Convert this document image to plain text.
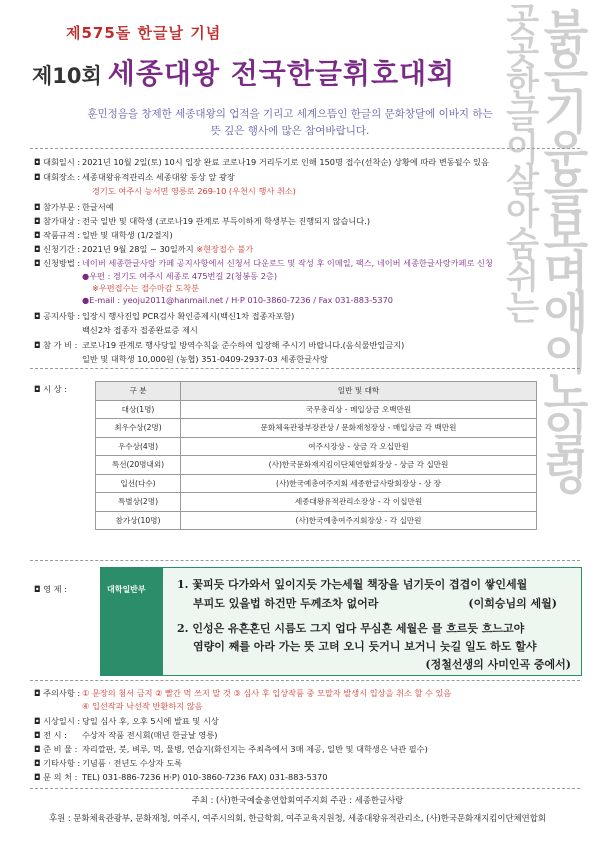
곳곳한글이살아숨쉬는
붉은기운을보며애이노일렁
제575돌 한글날 기념
제10회 세종대왕 전국한글휘호대회
훈민정음을 창제한 세종대왕의 업적을 기리고 세계으뜸인 한글의 문화창달에 이바지 하는
뜻 깊은 행사에 많은 참여바랍니다.
◘ 대회일시 : 2021년 10월 2일(토) 10시 입장 완료 코로나19 거리두기로 인해 150명 접수(선착순) 상황에 따라 변동될수 있음
◘ 대회장소 : 세종대왕유적관리소 세종대왕 동상 앞 광장
경기도 여주시 능서면 영릉로 269-10 (우천시 행사 취소)
◘ 참가부문 : 한글서예
◘ 참가대상 : 전국 일반 및 대학생 (코로나19 관계로 부득이하게 학생부는 진행되지 않습니다.)
◘ 작품규격 : 일반 및 대학생 (1/2절지)
◘ 신청기간 : 2021년 9월 28일 ~ 30일까지 ※현장접수 불가
◘ 신청방법 : 네이버 세종한글사랑 카페 공지사항에서 신청서 다운로드 및 작성 후 이메일, 팩스, 네이버 세종한글사랑카페로 신청
●우편 : 경기도 여주시 세종로 475번길 2(청봉동 2층)
※우편접수는 접수마감 도착분
●E-mail : yeoju2011@hanmail.net / H·P 010-3860-7236 / Fax 031-883-5370
◘ 공지사항 : 입장시 행사진입 PCR검사 확인증제시(백신1차 접종자포함)
백신2차 접종자 접종완료증 제시
◘ 참 가 비 : 코로나19 관계로 행사당일 방역수칙을 준수하여 입장해 주시기 바랍니다.(음식물반입금지)
일반 및 대학생 10,000원 (농협) 351-0409-2937-03 세종한글사랑
◘ 시 상 :	구 분	일반 및 대학
대상(1명)	국무총리상 - 메입상금 오백만원
최우수상(2명)	문화체육관광부장관상 / 문화재청장상 - 매입상금 각 백만원
우수상(4명)	여주시장상 - 상금 각 오십만원
특선(20명내외)	(사)한국문화재지킴이단체연합회장상 - 상금 각 십만원
입선(다수)	(사)한국예총여주지회 세종한글사랑회장상 - 상 장
특별상(2명)	세종대왕유적관리소장상 - 각 이십만원
참가상(10명)	(사)한국예총여주지회장상 - 각 십만원
◘ 영 제 :	대학일반부	1. 꽃피듯 다가와서 잎이지듯 가는세월 책장을 넘기듯이 겹겹이 쌓인세월
부피도 있을법 하건만 두께조차 없어라	(이희승님의 세월)
2. 인성은 유흔혼딘 시름도 그지 업다 무심흔 세월은 믈 흐르듯 흐느고야
염량이 째를 아라 가는 뜻 고텨 오니 듯거니 보거니 늣길 일도 하도 할샤
(정철선생의 사미인곡 중에서)
◘ 주의사항 : ① 문장의 첨서 금지 ② 빨간 먹 쓰지 말 것 ③ 심사 후 입상작품 중 모말자 발생시 입상을 취소 할 수 있음
④ 입선작과 낙선작 반환하지 않음
◘ 시상일시 : 당일 심사 후, 오후 5시에 발표 및 시상
◘ 전 시 : 수상자 작품 전시회(매년 한글날 영릉)
◘ 준 비 물 : 자리깔판, 붓, 벼루, 먹, 물병, 연습지(화선지는 주최측에서 3매 제공, 일반 및 대학생은 낙관 필수)
◘ 기타사항 : 기념품 · 전년도 수상자 도록
◘ 문 의 처 : TEL) 031-886-7236 H·P) 010-3860-7236 FAX) 031-883-5370
주최 : (사)한국예술총연합회여주지회 주관 : 세종한글사랑
후원 : 문화체육관광부, 문화재청, 여주시, 여주시의회, 한글학회, 여주교육지원청, 세종대왕유적관리소, (사)한국문화재지킴이단체연합회
